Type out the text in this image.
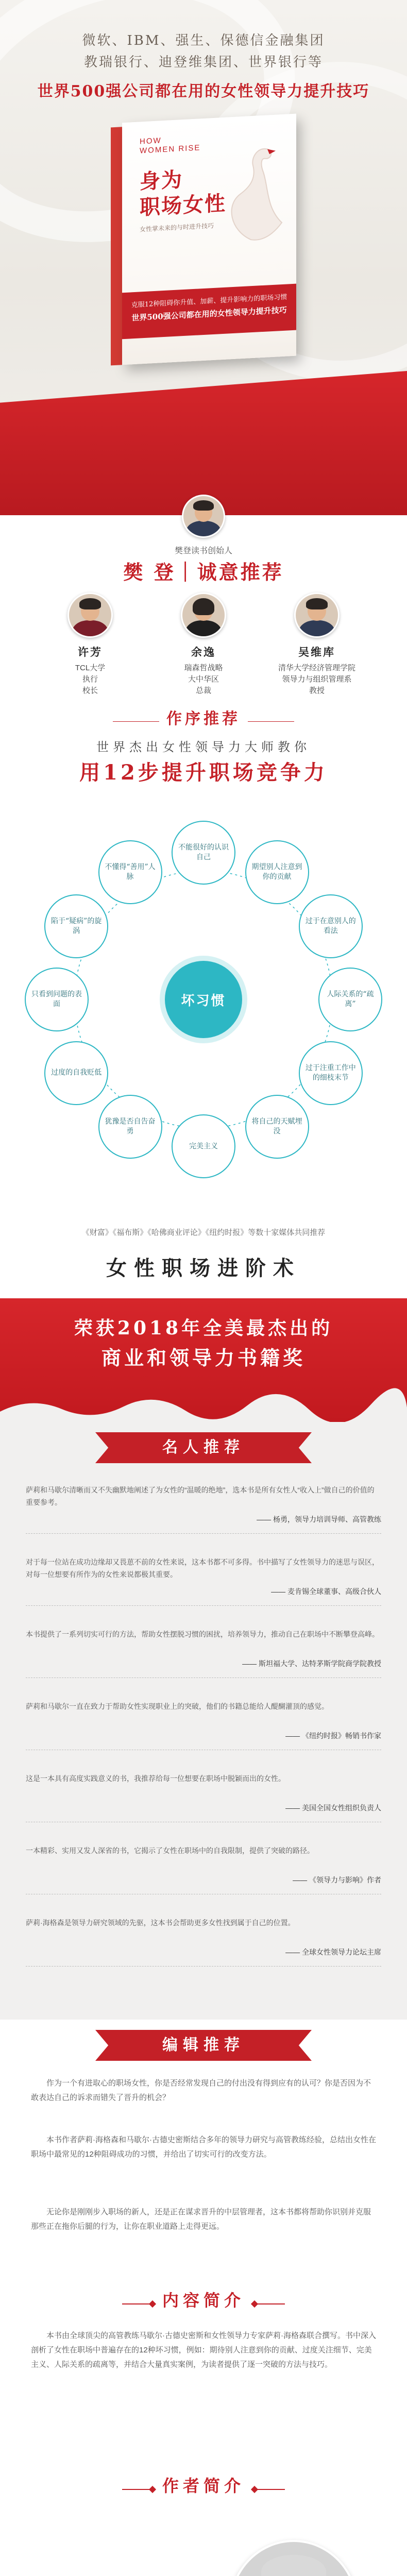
微软、IBM、强生、保德信金融集团
教瑞银行、迪登维集团、世界银行等
世界500强公司都在用的女性领导力提升技巧
HOW
WOMEN RISE
身为
职场女性
女性掌未来的与时进升技巧
克服12种阻碍你升值、加薪、提升影响力的职场习惯
世界500强公司都在用的女性领导力提升技巧
樊登读书创始人
樊 登｜诚意推荐
许芳
TCL大学
执行
校长
余逸
瑞森哲战略
大中华区
总裁
吴维库
清华大学经济管理学院
领导力与组织管理系
教授
作序推荐
世界杰出女性领导力大师教你
用12步提升职场竞争力
坏习惯
不能很好的认识自己
期望别人注意到你的贡献
过于在意别人的看法
人际关系的“疏离”
过于注重工作中的细枝末节
将自己的天赋埋没
完美主义
犹豫是否自告奋勇
过度的自我贬低
只看到问题的表面
陷于“疑病”的旋涡
不懂得“善用”人脉
《财富》《福布斯》《哈佛商业评论》《纽约时报》等数十家媒体共同推荐
女性职场进阶术
荣获2018年全美最杰出的
商业和领导力书籍奖
名人推荐
萨莉和马歇尔清晰而又不失幽默地阐述了为女性的“温暖的绝地”，选本书是所有女性人“收入上”做自己的价值的重要参考。
—— 杨勇，领导力培训导师、高管教练
对于每一位站在成功边缘却又畏葸不前的女性来说，这本书都不可多得。书中描写了女性领导力的迷思与误区，对每一位想要有所作为的女性来说都极其重要。
—— 麦肯锡全球董事、高级合伙人
本书提供了一系列切实可行的方法，帮助女性摆脱习惯的困扰，培养领导力，推动自己在职场中不断攀登高峰。
—— 斯坦福大学、达特茅斯学院商学院教授
萨莉和马歇尔一直在致力于帮助女性实现职业上的突破，他们的书籍总能给人醍醐灌顶的感觉。
—— 《纽约时报》畅销书作家
这是一本具有高度实践意义的书，我推荐给每一位想要在职场中脱颖而出的女性。
—— 美国全国女性组织负责人
一本精彩、实用又发人深省的书，它揭示了女性在职场中的自我限制，提供了突破的路径。
—— 《领导力与影响》作者
萨莉·海格森是领导力研究领域的先驱，这本书会帮助更多女性找到属于自己的位置。
—— 全球女性领导力论坛主席
编辑推荐
作为一个有进取心的职场女性，你是否经常发现自己的付出没有得到应有的认可？你是否因为不敢表达自己的诉求而错失了晋升的机会？
本书作者萨莉·海格森和马歇尔·古德史密斯结合多年的领导力研究与高管教练经验，总结出女性在职场中最常见的12种阻碍成功的习惯，并给出了切实可行的改变方法。
无论你是刚刚步入职场的新人，还是正在谋求晋升的中层管理者，这本书都将帮助你识别并克服那些正在拖你后腿的行为，让你在职业道路上走得更远。
内容简介
本书由全球顶尖的高管教练马歇尔·古德史密斯和女性领导力专家萨莉·海格森联合撰写。书中深入剖析了女性在职场中普遍存在的12种坏习惯，例如：期待别人注意到你的贡献、过度关注细节、完美主义、人际关系的疏离等，并结合大量真实案例，为读者提供了逐一突破的方法与技巧。
作者简介
